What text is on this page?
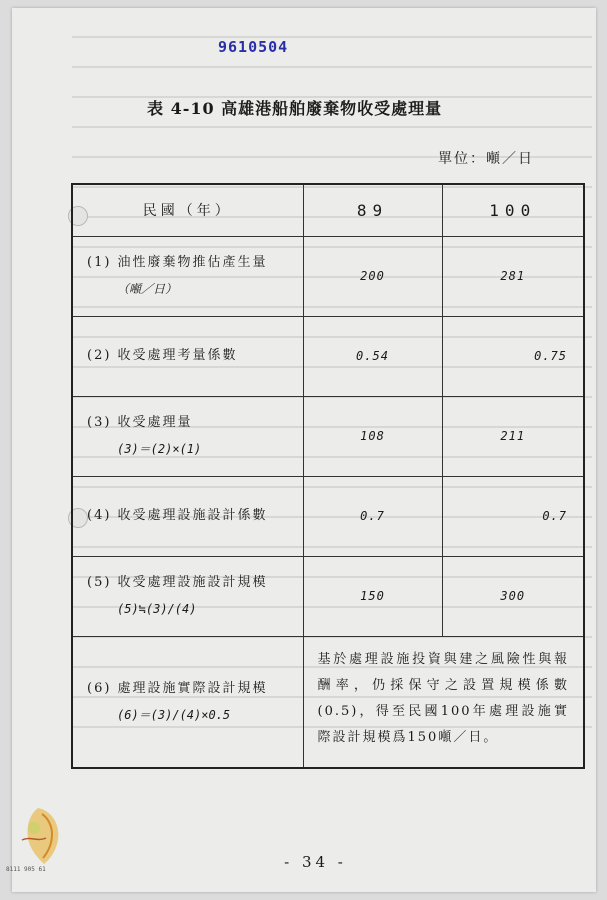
9610504
表 4-10 高雄港船舶廢棄物收受處理量
單位：噸／日
民國（年）	89	100
(1) 油性廢棄物推估產生量
（噸／日）	200	281
(2) 收受處理考量係數	0.54	0.75
(3) 收受處理量
(3)＝(2)×(1)	108	211
(4) 收受處理設施設計係數	0.7	0.7
(5) 收受處理設施設計規模
(5)≒(3)/(4)	150	300
(6) 處理設施實際設計規模
(6)＝(3)/(4)×0.5	基於處理設施投資與建之風險性與報酬率，仍採保守之設置規模係數(0.5)，得至民國100年處理設施實際設計規模爲150噸／日。	
- 34 -
8111 905 61
